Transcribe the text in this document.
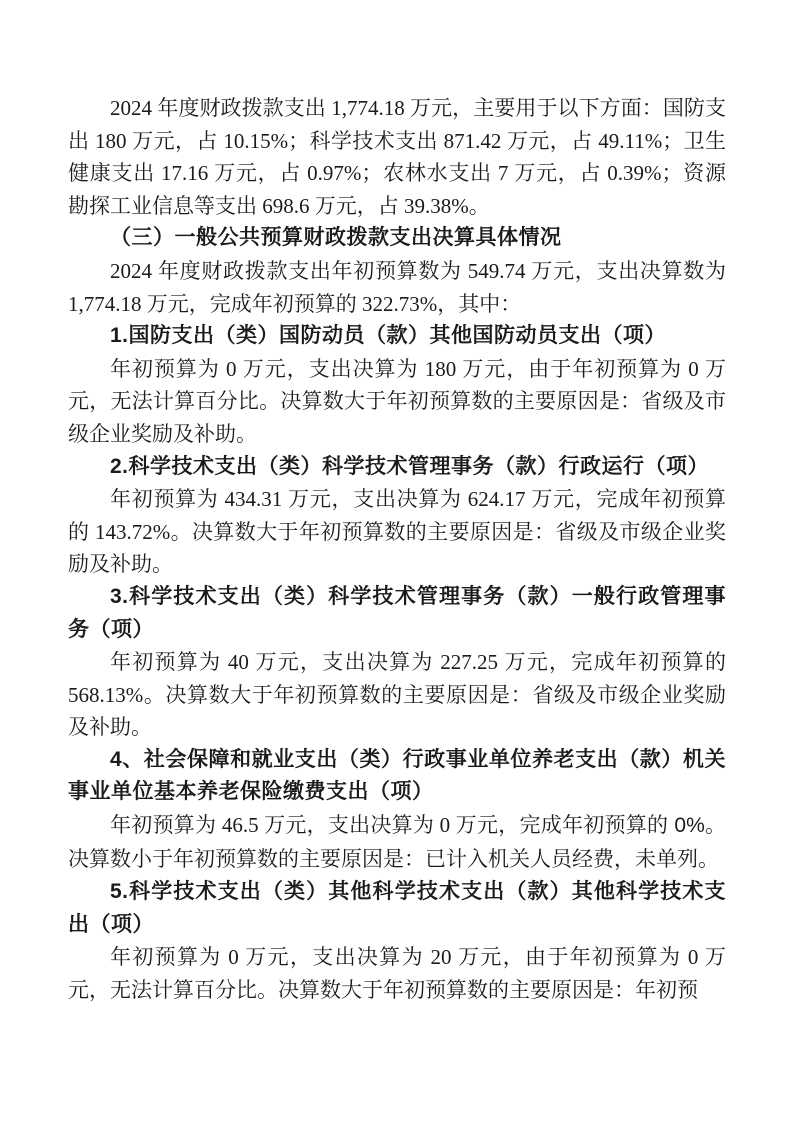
2024 年度财政拨款支出 1,774.18 万元，主要用于以下方面：国防支出 180 万元，占 10.15%；科学技术支出 871.42 万元，占 49.11%；卫生健康支出 17.16 万元，占 0.97%；农林水支出 7 万元，占 0.39%；资源勘探工业信息等支出 698.6 万元，占 39.38%。

（三）一般公共预算财政拨款支出决算具体情况

2024 年度财政拨款支出年初预算数为 549.74 万元，支出决算数为 1,774.18 万元，完成年初预算的 322.73%，其中：

1.国防支出（类）国防动员（款）其他国防动员支出（项）

年初预算为 0 万元，支出决算为 180 万元，由于年初预算为 0 万元，无法计算百分比。决算数大于年初预算数的主要原因是：省级及市级企业奖励及补助。

2.科学技术支出（类）科学技术管理事务（款）行政运行（项）

年初预算为 434.31 万元，支出决算为 624.17 万元，完成年初预算的 143.72%。决算数大于年初预算数的主要原因是：省级及市级企业奖励及补助。

3.科学技术支出（类）科学技术管理事务（款）一般行政管理事务（项）

年初预算为 40 万元，支出决算为 227.25 万元，完成年初预算的 568.13%。决算数大于年初预算数的主要原因是：省级及市级企业奖励及补助。

4、社会保障和就业支出（类）行政事业单位养老支出（款）机关事业单位基本养老保险缴费支出（项）

年初预算为 46.5 万元，支出决算为 0 万元，完成年初预算的 0%。决算数小于年初预算数的主要原因是：已计入机关人员经费，未单列。

5.科学技术支出（类）其他科学技术支出（款）其他科学技术支出（项）

年初预算为 0 万元，支出决算为 20 万元，由于年初预算为 0 万元，无法计算百分比。决算数大于年初预算数的主要原因是：年初预
